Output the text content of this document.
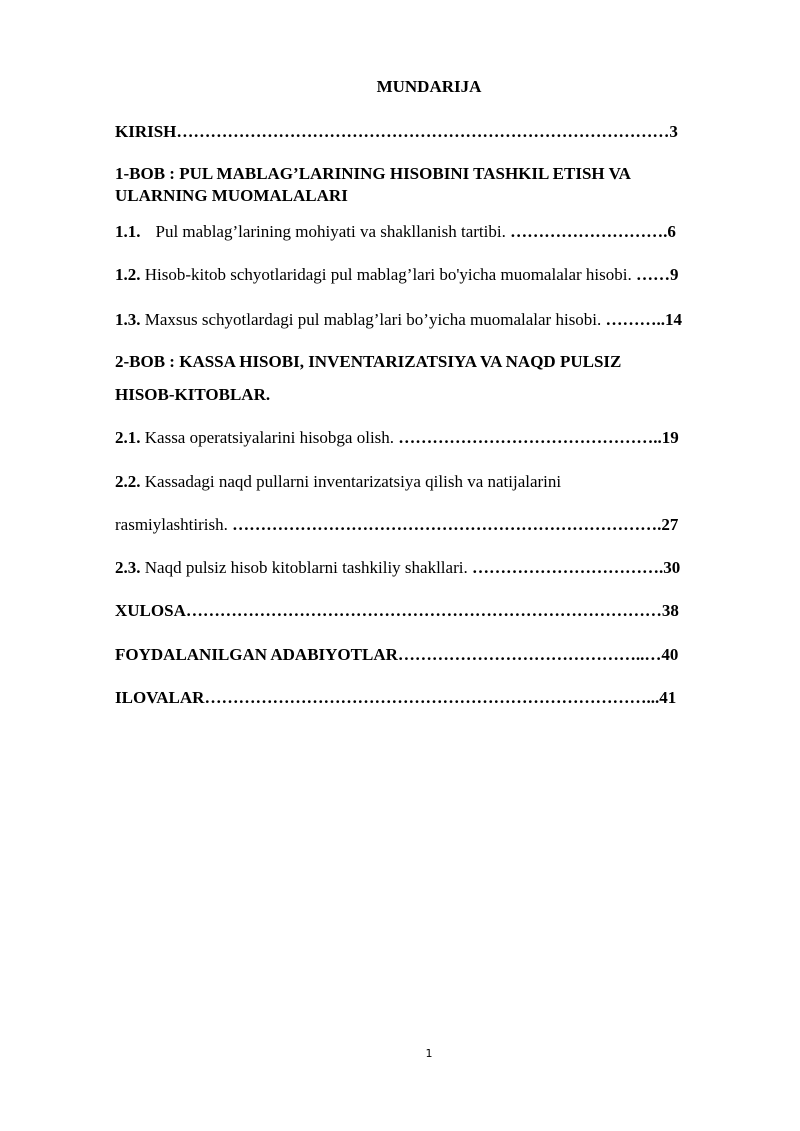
MUNDARIJA
KIRISH……………………………………………………………………………3
1-BOB : PUL MABLAG’LARINING HISOBINI TASHKIL ETISH VA
ULARNING MUOMALALARI
1.1. Pul mablag’larining mohiyati va shakllanish tartibi. ……………………….6
1.2. Hisob-kitob schyotlaridagi pul mablag’lari bo'yicha muomalalar hisobi. ……9
1.3. Maxsus schyotlardagi pul mablag’lari bo’yicha muomalalar hisobi. ………..14
2-BOB : KASSA HISOBI, INVENTARIZATSIYA VA NAQD PULSIZ
HISOB-KITOBLAR.
2.1. Kassa operatsiyalarini hisobga olish. ………………………………………..19
2.2. Kassadagi naqd pullarni inventarizatsiya qilish va natijalarini
rasmiylashtirish. ………………………………………………………………….27
2.3. Naqd pulsiz hisob kitoblarni tashkiliy shakllari. …………………………….30
XULOSA…………………………………………………………………………38
FOYDALANILGAN ADABIYOTLAR……………………………………..…40
ILOVALAR……………………………………………………………………...41
1
